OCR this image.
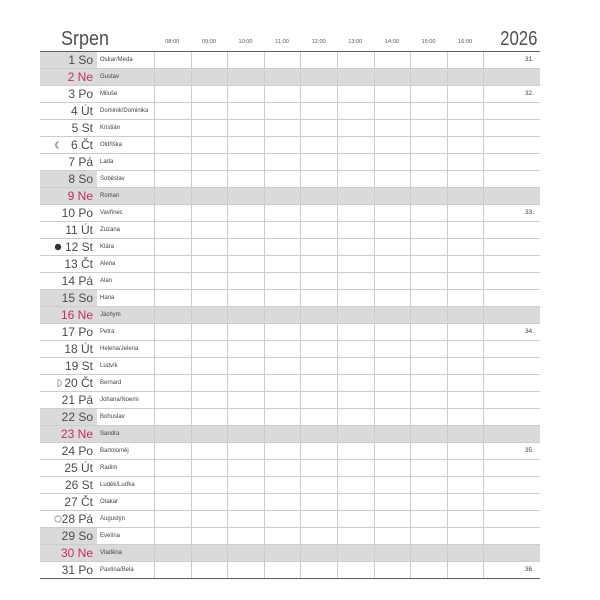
Srpen	2026
08:00	09:00	10:00	11:00	12:00	13:00	14:00	15:00	16:00
1 So Oskar/Meda	31.
2 Ne Gustav
3 Po Miluše	32.
4 Út Dominik/Dominika
5 St Kristián
6 Čt Oldřiška
7 Pá Lada
8 So Soběslav
9 Ne Roman
10 Po Vavřinec	33.
11 Út Zuzana
12 St Klára
13 Čt Alena
14 Pá Alan
15 So Hana
16 Ne Jáchym
17 Po Petra	34.
18 Út Helena/Jelena
19 St Ludvík
20 Čt Bernard
21 Pá Johana/Noemi
22 So Bohuslav
23 Ne Sandra
24 Po Bartoloměj	35.
25 Út Radim
26 St Luděk/Luďka
27 Čt Otakar
28 Pá Augustýn
29 So Evelína
30 Ne Vladěna
31 Po Pavlína/Bela	36.
